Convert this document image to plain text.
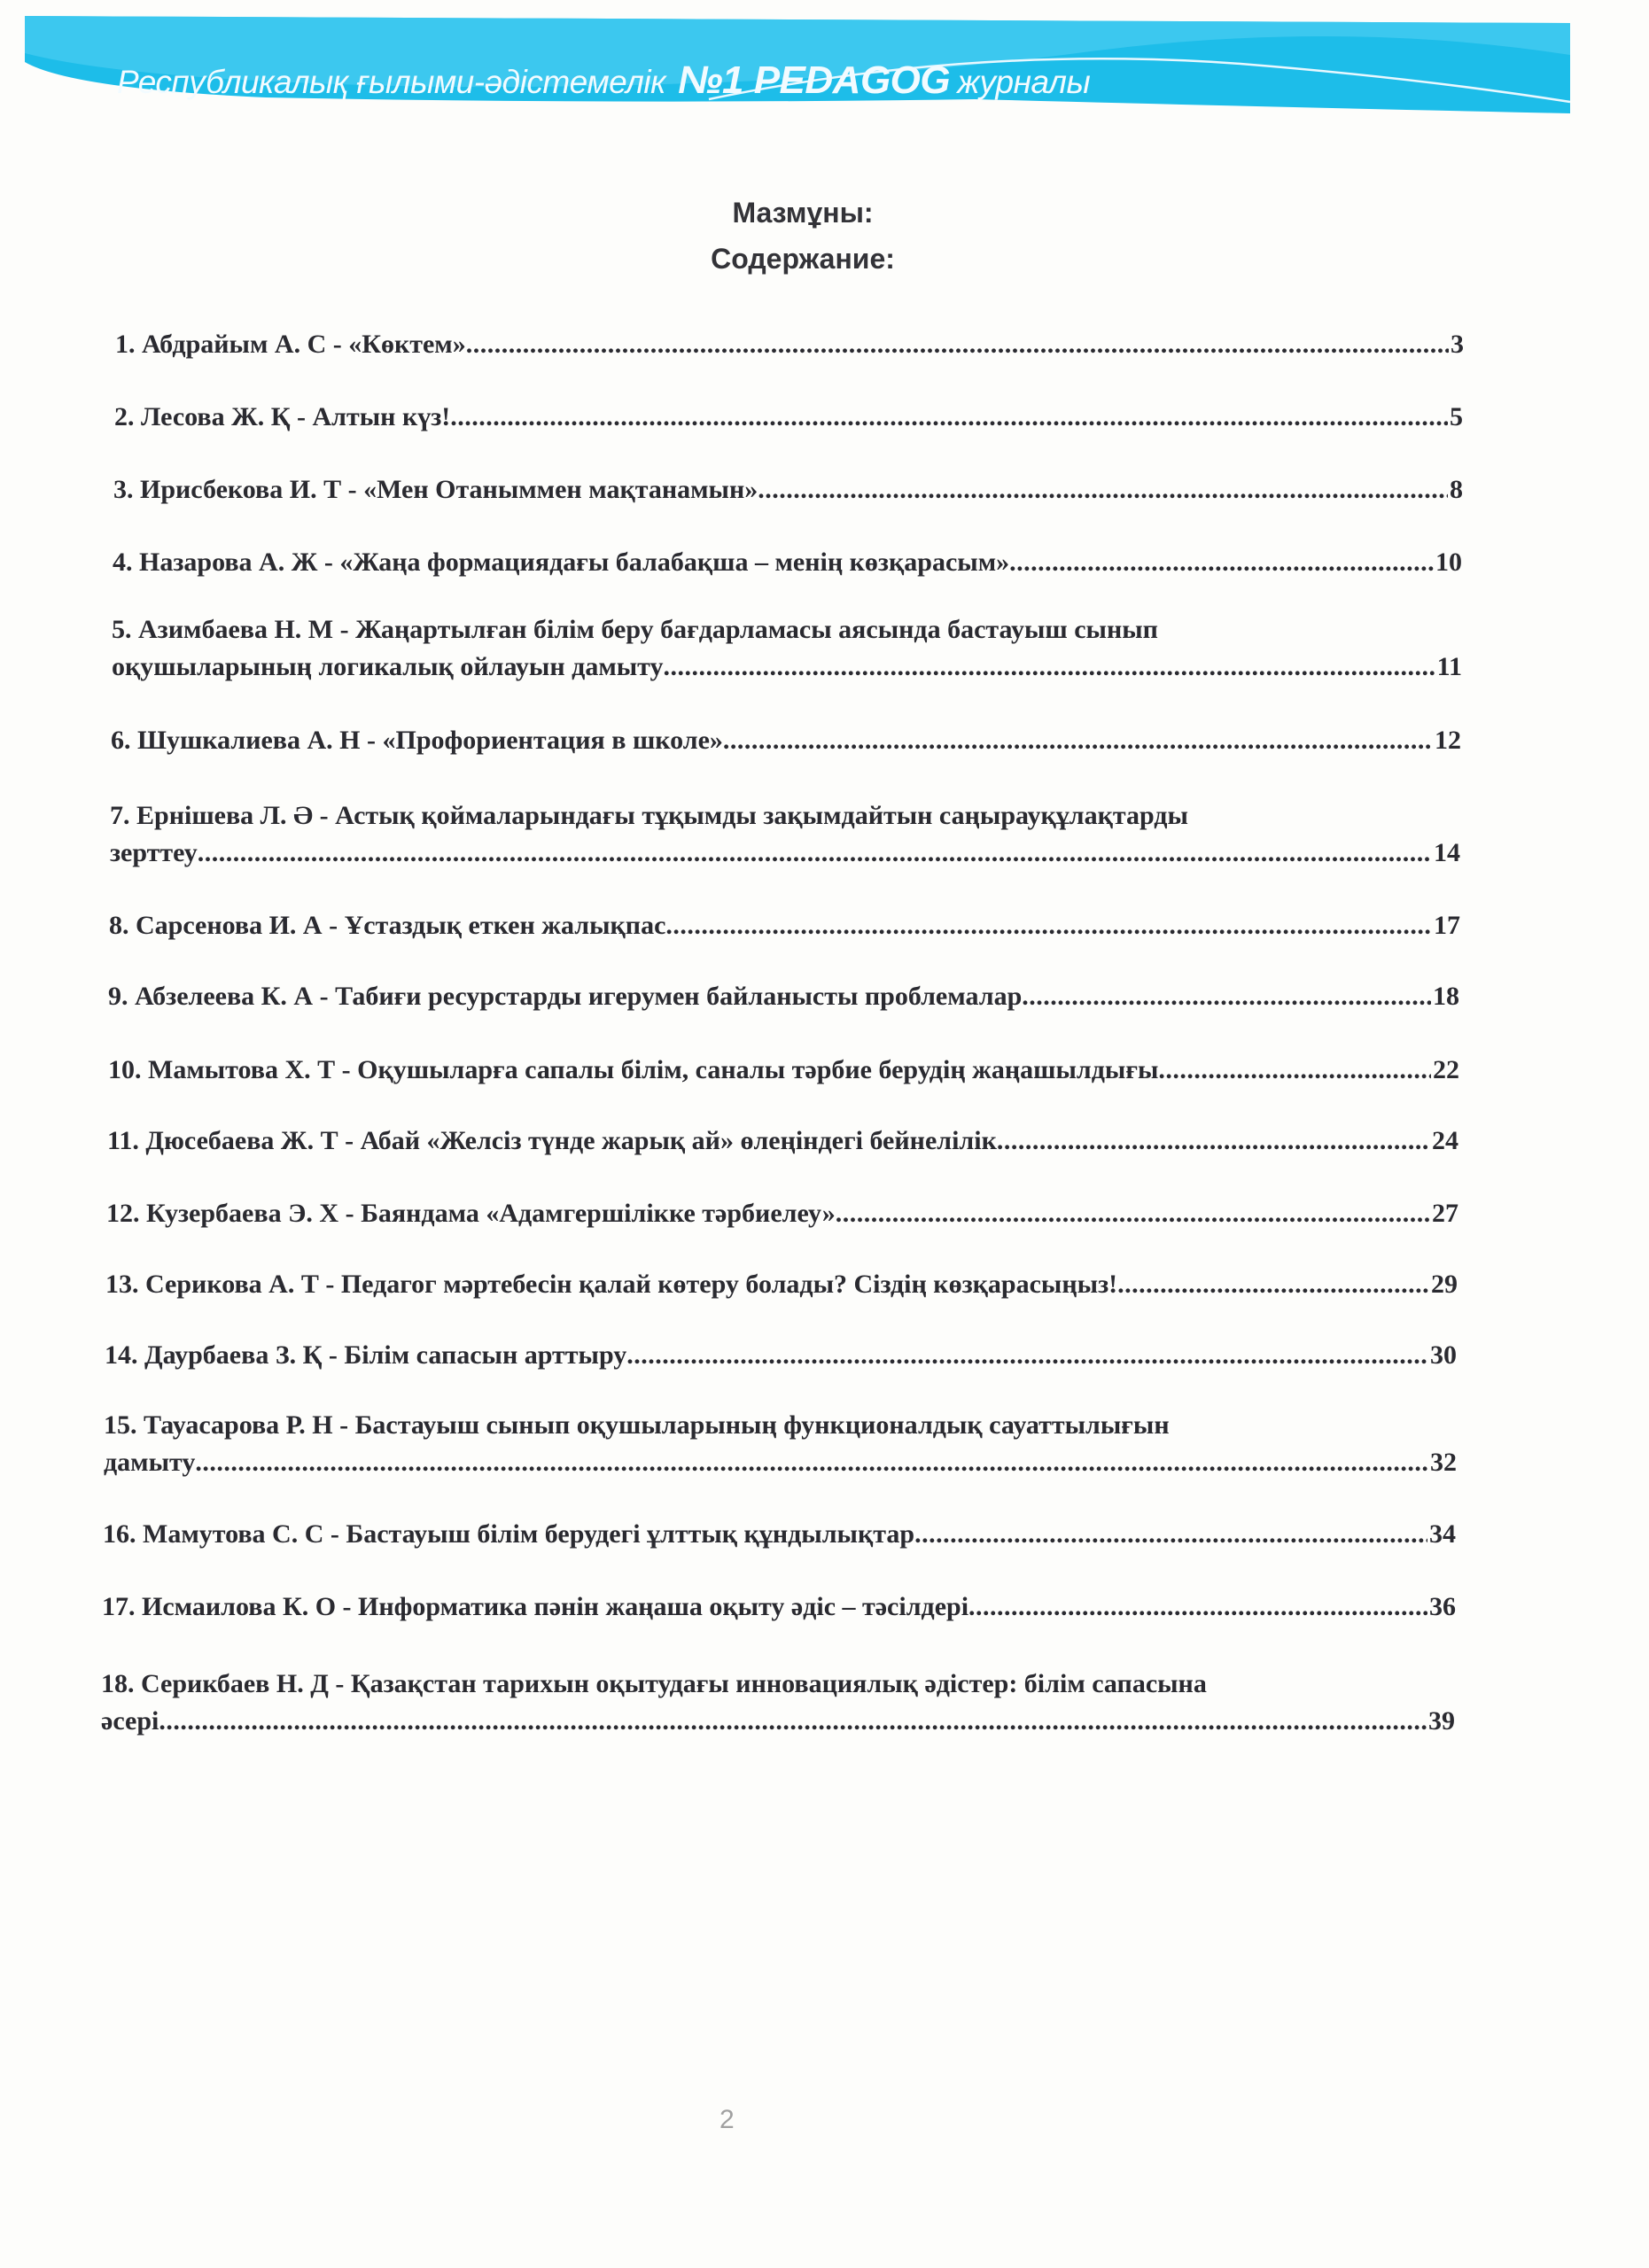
Республикалық ғылыми-әдістемелік №1 PEDAGOG журналы
Мазмұны:
Содержание:
1. Абдрайым А. С - «Көктем» .....	3
2. Лесова Ж. Қ - Алтын күз! .....	5
3. Ирисбекова И. Т - «Мен Отаныммен мақтанамын» .....	8
4. Назарова А. Ж - «Жаңа формациядағы балабақша – менің көзқарасым» .....	10
5. Азимбаева Н. М - Жаңартылған білім беру бағдарламасы аясында бастауыш сынып
оқушыларының логикалық ойлауын дамыту .....	11
6. Шушкалиева А. Н - «Профориентация в школе» .....	12
7. Ернішева Л. Ә - Астық қоймаларындағы тұқымды зақымдайтын саңырауқұлақтарды
зерттеу .....	14
8. Сарсенова И. А - Ұстаздық еткен жалықпас .....	17
9. Абзелеева К. А - Табиғи ресурстарды игерумен байланысты проблемалар .....	18
10. Мамытова Х. Т - Оқушыларға сапалы білім, саналы тәрбие берудің жаңашылдығы .....	22
11. Дюсебаева Ж. Т - Абай «Желсіз түнде жарық ай» өлеңіндегі бейнелілік .....	24
12. Кузербаева Э. Х - Баяндама «Адамгершілікке тәрбиелеу» .....	27
13. Серикова А. Т - Педагог мәртебесін қалай көтеру болады? Сіздің көзқарасыңыз! .....	29
14. Даурбаева З. Қ - Білім сапасын арттыру .....	30
15. Тауасарова Р. Н - Бастауыш сынып оқушыларының функционалдық сауаттылығын
дамыту .....	32
16. Мамутова С. С - Бастауыш білім берудегі ұлттық құндылықтар .....	34
17. Исмаилова К. О - Информатика пәнін жаңаша оқыту әдіс – тәсілдері .....	36
18. Серикбаев Н. Д - Қазақстан тарихын оқытудағы инновациялық әдістер: білім сапасына
әсері .....	39
2
